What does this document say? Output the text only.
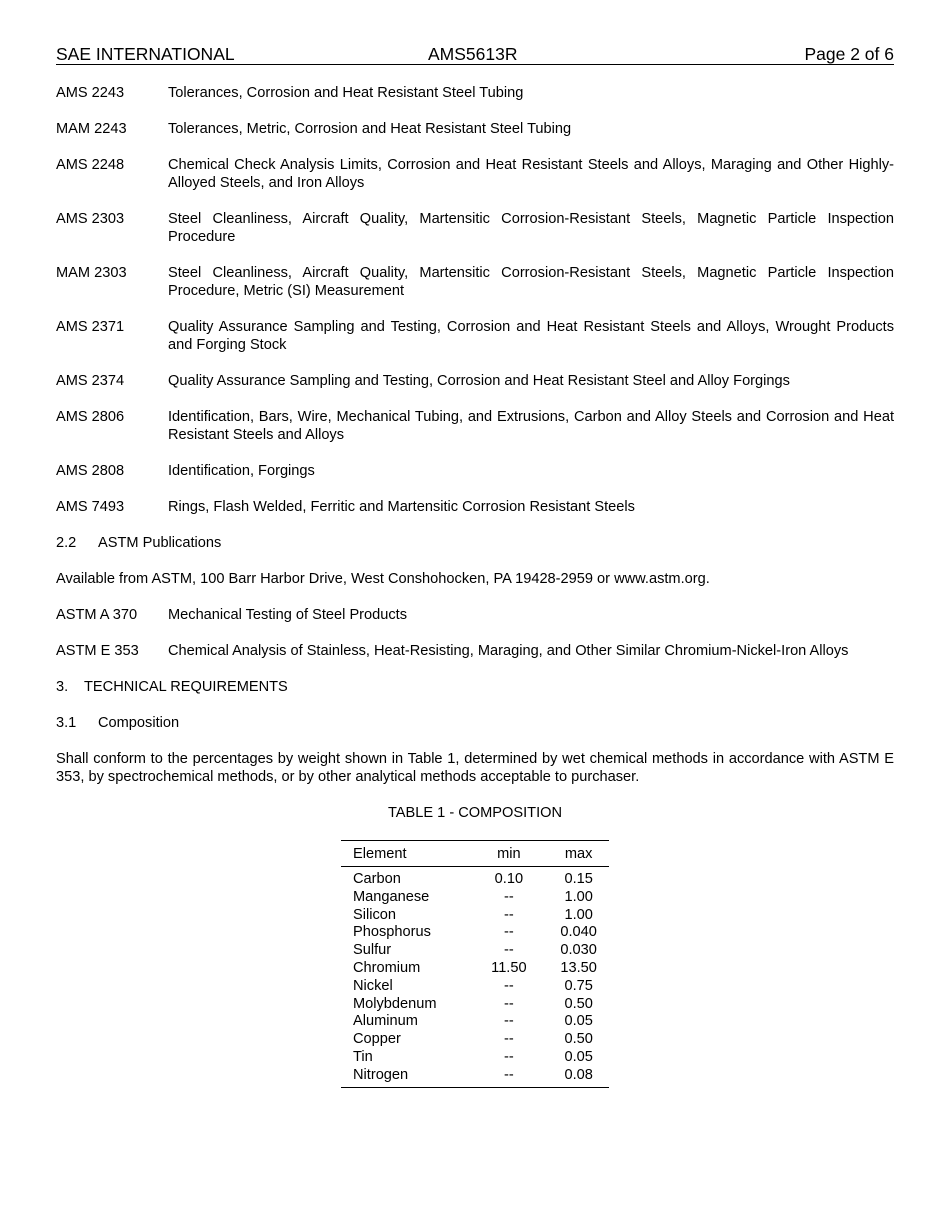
SAE INTERNATIONAL	AMS5613R	Page 2 of 6
AMS 2243	Tolerances, Corrosion and Heat Resistant Steel Tubing
MAM 2243	Tolerances, Metric, Corrosion and Heat Resistant Steel Tubing
AMS 2248	Chemical Check Analysis Limits, Corrosion and Heat Resistant Steels and Alloys, Maraging and Other Highly-Alloyed Steels, and Iron Alloys
AMS 2303	Steel Cleanliness, Aircraft Quality, Martensitic Corrosion-Resistant Steels, Magnetic Particle Inspection Procedure
MAM 2303	Steel Cleanliness, Aircraft Quality, Martensitic Corrosion-Resistant Steels, Magnetic Particle Inspection Procedure, Metric (SI) Measurement
AMS 2371	Quality Assurance Sampling and Testing, Corrosion and Heat Resistant Steels and Alloys, Wrought Products and Forging Stock
AMS 2374	Quality Assurance Sampling and Testing, Corrosion and Heat Resistant Steel and Alloy Forgings
AMS 2806	Identification, Bars, Wire, Mechanical Tubing, and Extrusions, Carbon and Alloy Steels and Corrosion and Heat Resistant Steels and Alloys
AMS 2808	Identification, Forgings
AMS 7493	Rings, Flash Welded, Ferritic and Martensitic Corrosion Resistant Steels
2.2 ASTM Publications
Available from ASTM, 100 Barr Harbor Drive, West Conshohocken, PA 19428-2959 or www.astm.org.
ASTM A 370	Mechanical Testing of Steel Products
ASTM E 353	Chemical Analysis of Stainless, Heat-Resisting, Maraging, and Other Similar Chromium-Nickel-Iron Alloys
3. TECHNICAL REQUIREMENTS
3.1 Composition
Shall conform to the percentages by weight shown in Table 1, determined by wet chemical methods in accordance with ASTM E 353, by spectrochemical methods, or by other analytical methods acceptable to purchaser.
TABLE 1 - COMPOSITION
Element	min	max
Carbon	0.10	0.15
Manganese	--	1.00
Silicon	--	1.00
Phosphorus	--	0.040
Sulfur	--	0.030
Chromium	11.50	13.50
Nickel	--	0.75
Molybdenum	--	0.50
Aluminum	--	0.05
Copper	--	0.50
Tin	--	0.05
Nitrogen	--	0.08
